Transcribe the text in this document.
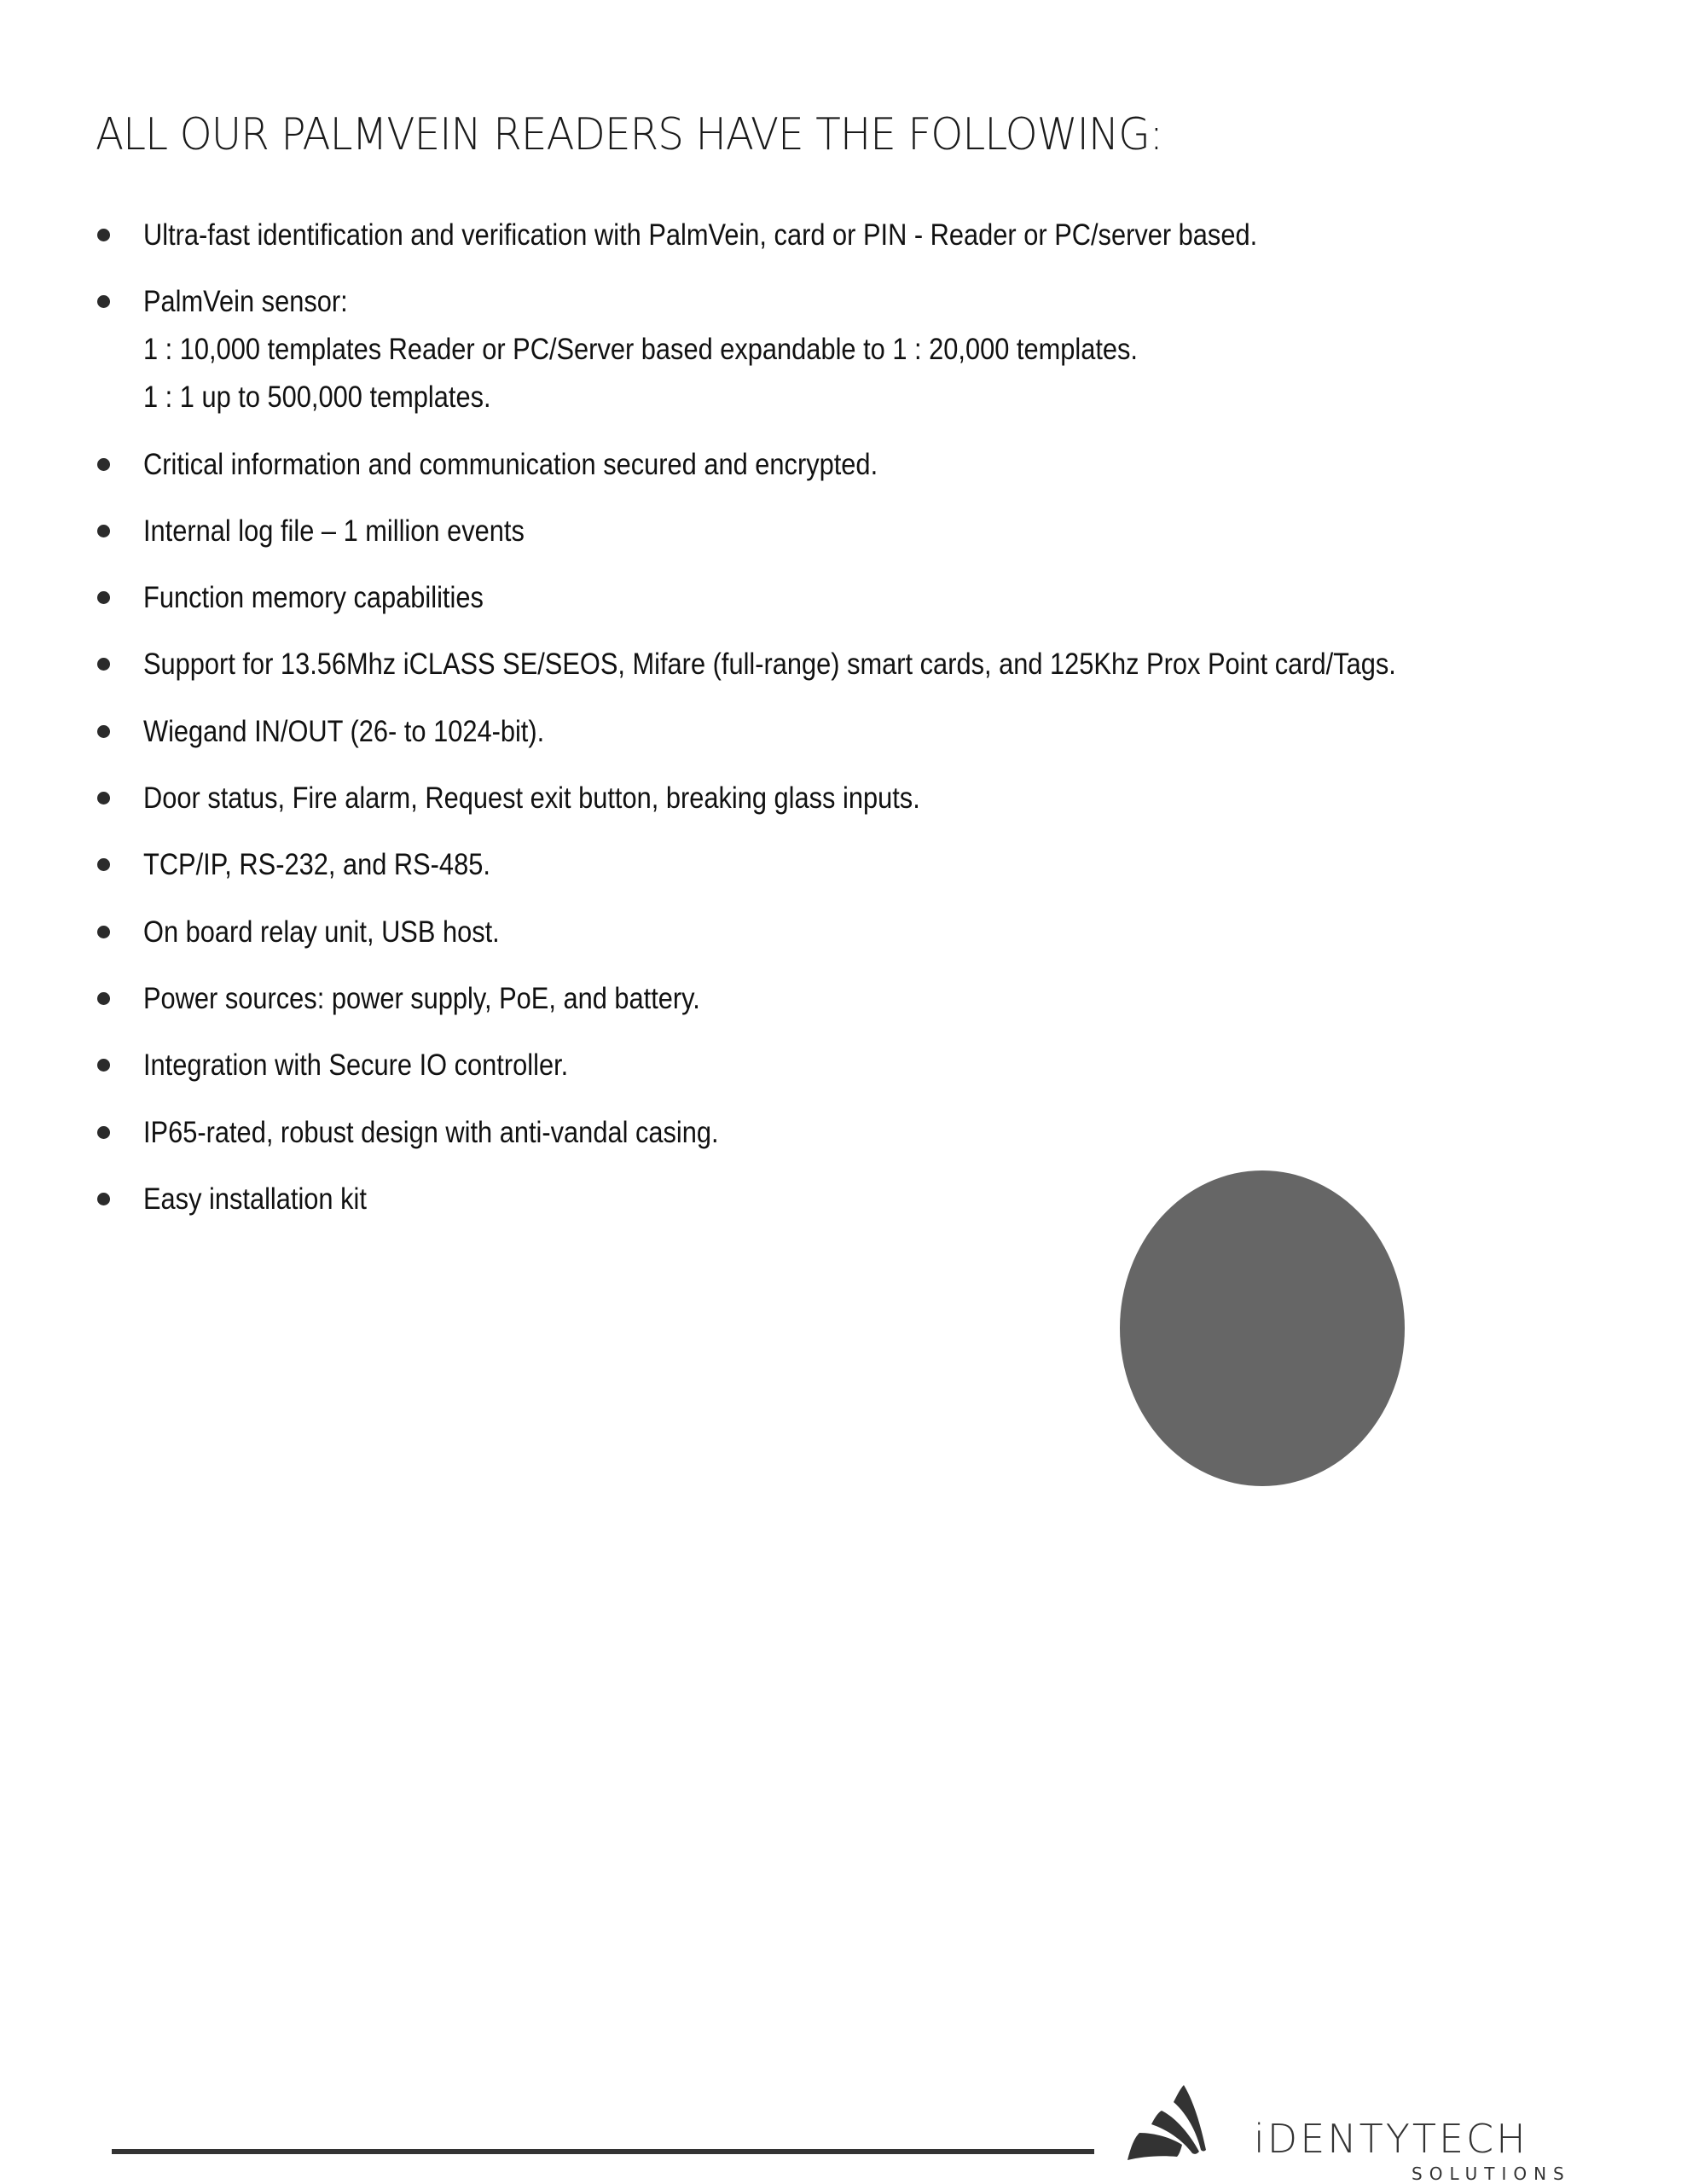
ALL OUR PALMVEIN READERS HAVE THE FOLLOWING:
Ultra-fast identification and verification with PalmVein, card or PIN - Reader or PC/server based.
PalmVein sensor:
1 : 10,000 templates Reader or PC/Server based expandable to 1 : 20,000 templates.
1 : 1 up to 500,000 templates.
Critical information and communication secured and encrypted.
Internal log file – 1 million events
Function memory capabilities
Support for 13.56Mhz iCLASS SE/SEOS, Mifare (full-range) smart cards, and 125Khz Prox Point card/Tags.
Wiegand IN/OUT (26- to 1024-bit).
Door status, Fire alarm, Request exit button, breaking glass inputs.
TCP/IP, RS-232, and RS-485.
On board relay unit, USB host.
Power sources: power supply, PoE, and battery.
Integration with Secure IO controller.
IP65-rated, robust design with anti-vandal casing.
Easy installation kit
iDENTYTECH
SOLUTIONS
